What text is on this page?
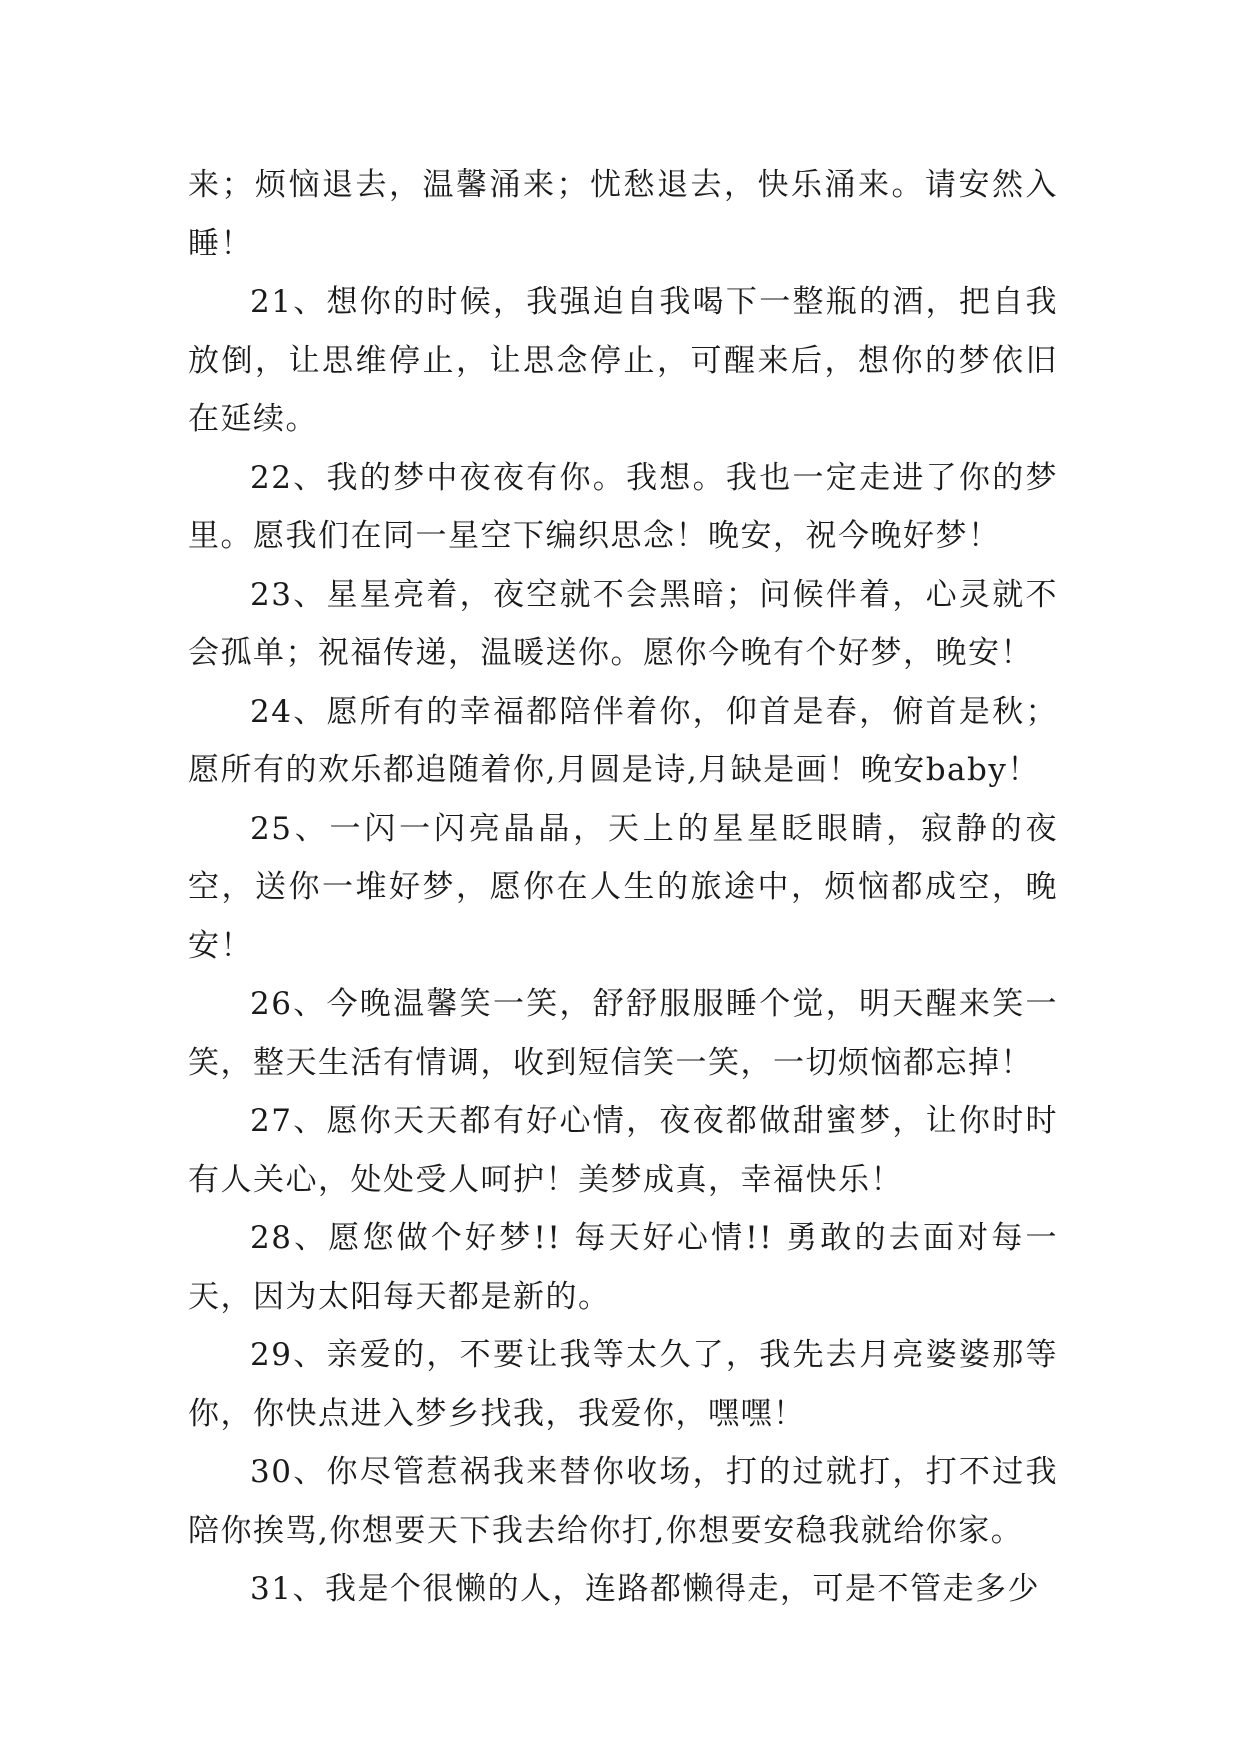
来；烦恼退去，温馨涌来；忧愁退去，快乐涌来。请安然入睡！

21、想你的时候，我强迫自我喝下一整瓶的酒，把自我放倒，让思维停止，让思念停止，可醒来后，想你的梦依旧在延续。

22、我的梦中夜夜有你。我想。我也一定走进了你的梦里。愿我们在同一星空下编织思念！晚安，祝今晚好梦！

23、星星亮着，夜空就不会黑暗；问候伴着，心灵就不会孤单；祝福传递，温暖送你。愿你今晚有个好梦，晚安！

24、愿所有的幸福都陪伴着你，仰首是春，俯首是秋；愿所有的欢乐都追随着你,月圆是诗,月缺是画！晚安baby！

25、一闪一闪亮晶晶，天上的星星眨眼睛，寂静的夜空，送你一堆好梦，愿你在人生的旅途中，烦恼都成空，晚安！

26、今晚温馨笑一笑，舒舒服服睡个觉，明天醒来笑一笑，整天生活有情调，收到短信笑一笑，一切烦恼都忘掉！

27、愿你天天都有好心情，夜夜都做甜蜜梦，让你时时有人关心，处处受人呵护！美梦成真，幸福快乐！

28、愿您做个好梦!! 每天好心情!! 勇敢的去面对每一天，因为太阳每天都是新的。

29、亲爱的，不要让我等太久了，我先去月亮婆婆那等你，你快点进入梦乡找我，我爱你，嘿嘿！

30、你尽管惹祸我来替你收场，打的过就打，打不过我陪你挨骂,你想要天下我去给你打,你想要安稳我就给你家。

31、我是个很懒的人，连路都懒得走，可是不管走多少
